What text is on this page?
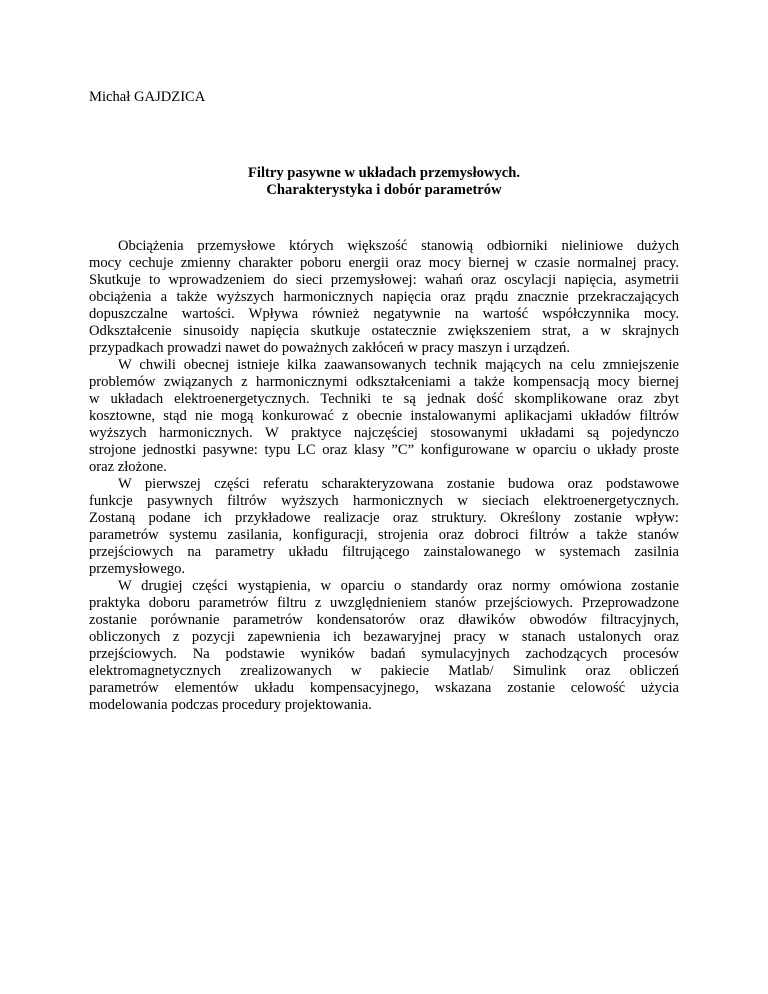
Michał GAJDZICA

Filtry pasywne w układach przemysłowych.
Charakterystyka i dobór parametrów

Obciążenia przemysłowe których większość stanowią odbiorniki nieliniowe dużych
mocy cechuje zmienny charakter poboru energii oraz mocy biernej w czasie normalnej pracy.
Skutkuje to wprowadzeniem do sieci przemysłowej: wahań oraz oscylacji napięcia, asymetrii
obciążenia a także wyższych harmonicznych napięcia oraz prądu znacznie przekraczających
dopuszczalne wartości. Wpływa również negatywnie na wartość współczynnika mocy.
Odkształcenie sinusoidy napięcia skutkuje ostatecznie zwiększeniem strat, a w skrajnych
przypadkach prowadzi nawet do poważnych zakłóceń w pracy maszyn i urządzeń.

W chwili obecnej istnieje kilka zaawansowanych technik mających na celu zmniejszenie
problemów związanych z harmonicznymi odkształceniami a także kompensacją mocy biernej
w układach elektroenergetycznych. Techniki te są jednak dość skomplikowane oraz zbyt
kosztowne, stąd nie mogą konkurować z obecnie instalowanymi aplikacjami układów filtrów
wyższych harmonicznych. W praktyce najczęściej stosowanymi układami są pojedynczo
strojone jednostki pasywne: typu LC oraz klasy ”C” konfigurowane w oparciu o układy proste
oraz złożone.

W pierwszej części referatu scharakteryzowana zostanie budowa oraz podstawowe
funkcje pasywnych filtrów wyższych harmonicznych w sieciach elektroenergetycznych.
Zostaną podane ich przykładowe realizacje oraz struktury. Określony zostanie wpływ:
parametrów systemu zasilania, konfiguracji, strojenia oraz dobroci filtrów a także stanów
przejściowych na parametry układu filtrującego zainstalowanego w systemach zasilnia
przemysłowego.

W drugiej części wystąpienia, w oparciu o standardy oraz normy omówiona zostanie
praktyka doboru parametrów filtru z uwzględnieniem stanów przejściowych. Przeprowadzone
zostanie porównanie parametrów kondensatorów oraz dławików obwodów filtracyjnych,
obliczonych z pozycji zapewnienia ich bezawaryjnej pracy w stanach ustalonych oraz
przejściowych. Na podstawie wyników badań symulacyjnych zachodzących procesów
elektromagnetycznych zrealizowanych w pakiecie Matlab/ Simulink oraz obliczeń
parametrów elementów układu kompensacyjnego, wskazana zostanie celowość użycia
modelowania podczas procedury projektowania.
